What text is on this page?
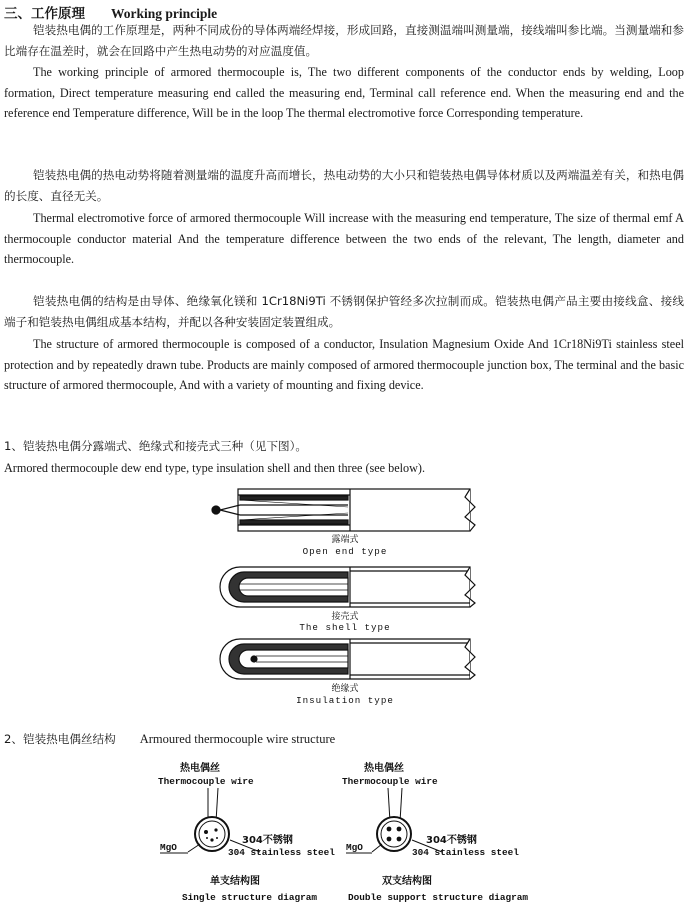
三、工作原理 Working principle

铠装热电偶的工作原理是，两种不同成份的导体两端经焊接，形成回路，直接测温端叫测量端，接线端叫参比端。当测量端和参比端存在温差时，就会在回路中产生热电动势的对应温度值。

The working principle of armored thermocouple is, The two different components of the conductor ends by welding, Loop formation, Direct temperature measuring end called the measuring end, Terminal call reference end. When the measuring end and the reference end Temperature difference, Will be in the loop The thermal electromotive force Corresponding temperature.

铠装热电偶的热电动势将随着测量端的温度升高而增长，热电动势的大小只和铠装热电偶导体材质以及两端温差有关，和热电偶的长度、直径无关。

Thermal electromotive force of armored thermocouple Will increase with the measuring end temperature, The size of thermal emf A thermocouple conductor material And the temperature difference between the two ends of the relevant, The length, diameter and thermocouple.

铠装热电偶的结构是由导体、绝缘氧化镁和 1Cr18Ni9Ti 不锈钢保护管经多次拉制而成。铠装热电偶产品主要由接线盒、接线端子和铠装热电偶组成基本结构，并配以各种安装固定装置组成。

The structure of armored thermocouple is composed of a conductor, Insulation Magnesium Oxide And 1Cr18Ni9Ti stainless steel protection and by repeatedly drawn tube. Products are mainly composed of armored thermocouple junction box, The terminal and the basic structure of armored thermocouple, And with a variety of mounting and fixing device.

1、铠装热电偶分露端式、绝缘式和接壳式三种（见下图）。

Armored thermocouple dew end type, type insulation shell and then three (see below).

露端式
Open end type
接壳式
The shell type
绝缘式
Insulation type
2、铠装热电偶丝结构 Armoured thermocouple wire structure
热电偶丝
Thermocouple wire
MgO
304不锈钢
304 stainless steel
单支结构图
Single structure diagram
热电偶丝
Thermocouple wire
MgO
304不锈钢
304 stainless steel
双支结构图
Double support structure diagram
